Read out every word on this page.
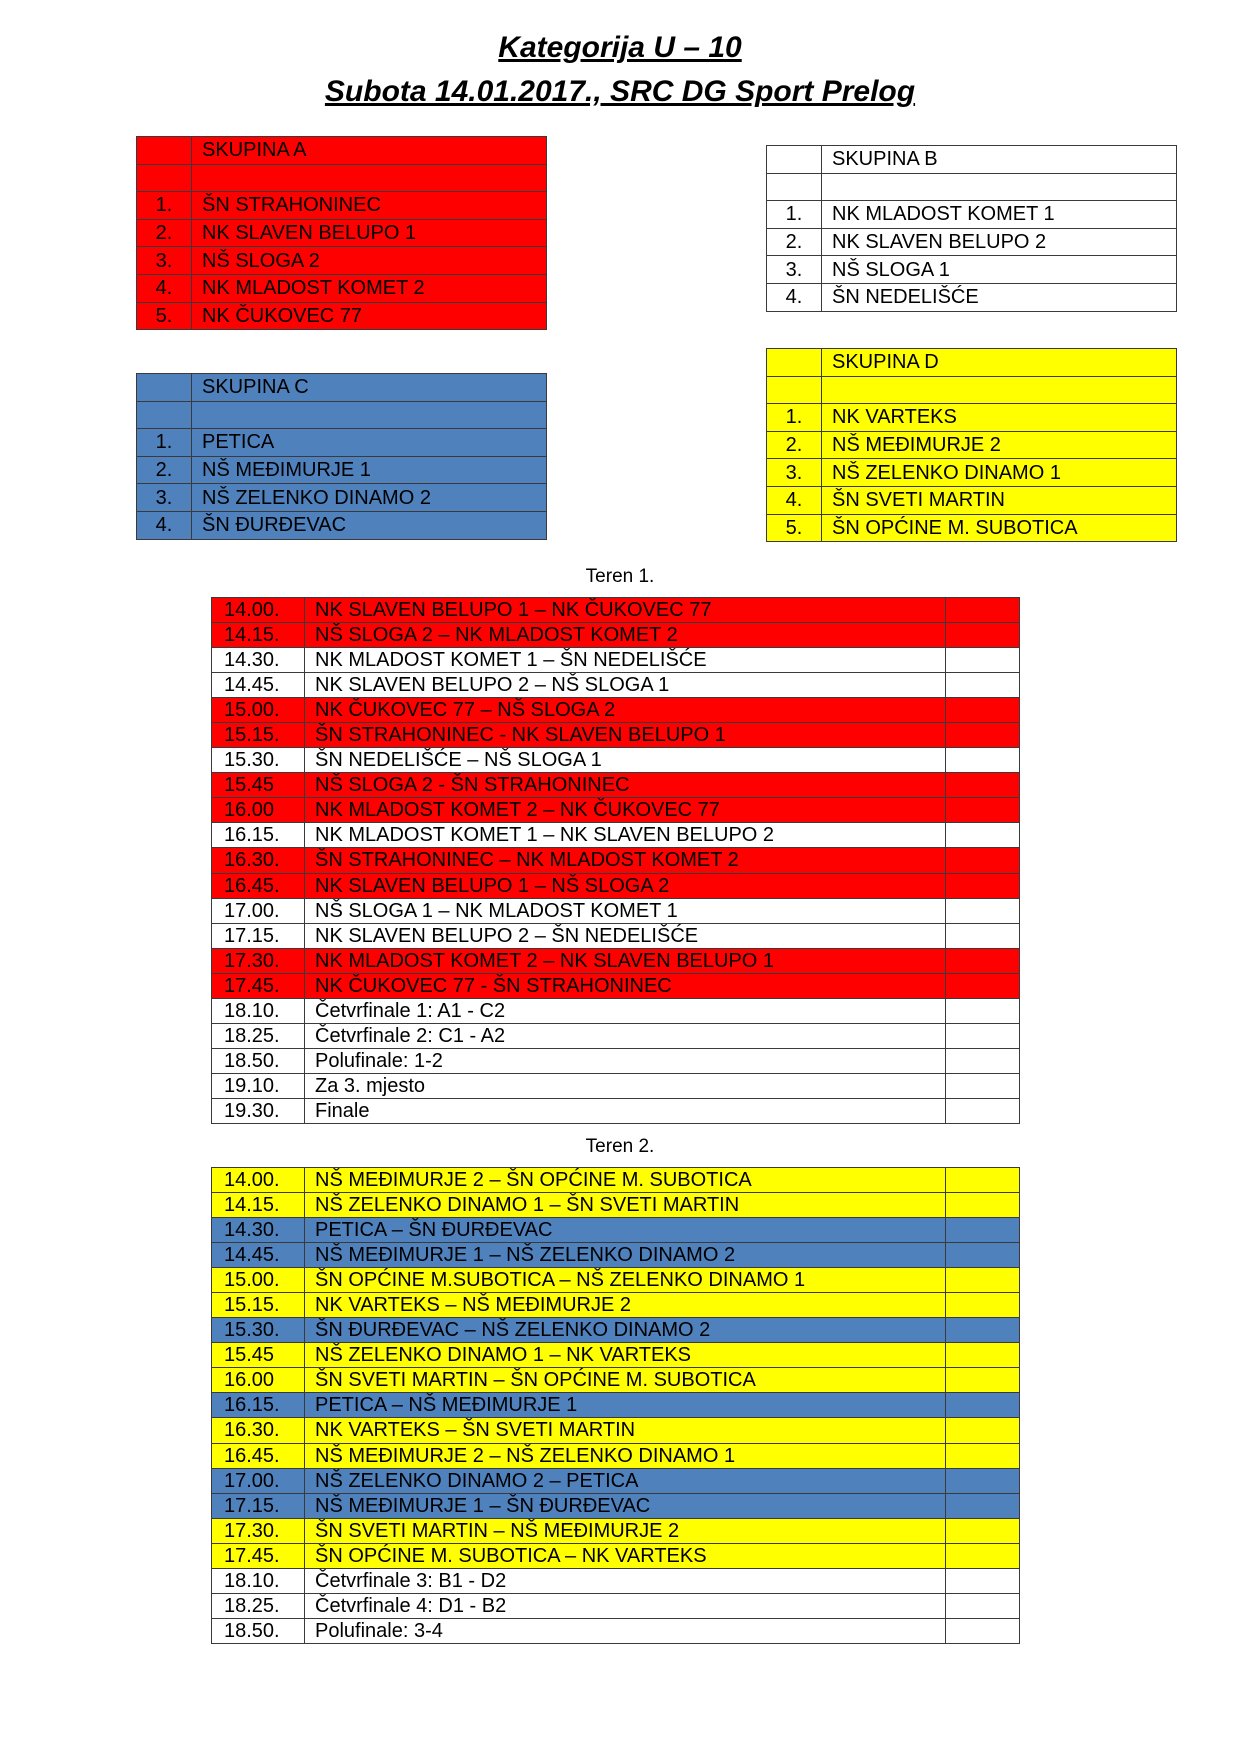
Kategorija U – 10
Subota 14.01.2017., SRC DG Sport Prelog
	SKUPINA A

1.	ŠN STRAHONINEC
2.	NK SLAVEN BELUPO 1
3.	NŠ SLOGA 2
4.	NK MLADOST KOMET 2
5.	NK ČUKOVEC 77
	SKUPINA B

1.	NK MLADOST KOMET 1
2.	NK SLAVEN BELUPO 2
3.	NŠ SLOGA 1
4.	ŠN NEDELIŠĆE
	SKUPINA C

1.	PETICA
2.	NŠ MEĐIMURJE 1
3.	NŠ ZELENKO DINAMO 2
4.	ŠN ĐURĐEVAC
	SKUPINA D

1.	NK VARTEKS
2.	NŠ MEĐIMURJE 2
3.	NŠ ZELENKO DINAMO 1
4.	ŠN SVETI MARTIN
5.	ŠN OPĆINE M. SUBOTICA
Teren 1.
14.00.	NK SLAVEN BELUPO 1 – NK ČUKOVEC 77	
14.15.	NŠ SLOGA 2 – NK MLADOST KOMET 2	
14.30.	NK MLADOST KOMET 1 – ŠN NEDELIŠĆE	
14.45.	NK SLAVEN BELUPO 2 – NŠ SLOGA 1	
15.00.	NK ČUKOVEC 77 – NŠ SLOGA 2	
15.15.	ŠN STRAHONINEC - NK SLAVEN BELUPO 1	
15.30.	ŠN NEDELIŠĆE – NŠ SLOGA 1	
15.45	NŠ SLOGA 2 - ŠN STRAHONINEC	
16.00	NK MLADOST KOMET 2 – NK ČUKOVEC 77	
16.15.	NK MLADOST KOMET 1 – NK SLAVEN BELUPO 2	
16.30.	ŠN STRAHONINEC – NK MLADOST KOMET 2	
16.45.	NK SLAVEN BELUPO 1 – NŠ SLOGA 2	
17.00.	NŠ SLOGA 1 – NK MLADOST KOMET 1	
17.15.	NK SLAVEN BELUPO 2 – ŠN NEDELIŠĆE	
17.30.	NK MLADOST KOMET 2 – NK SLAVEN BELUPO 1	
17.45.	NK ČUKOVEC 77 - ŠN STRAHONINEC	
18.10.	Četvrfinale 1: A1 - C2	
18.25.	Četvrfinale 2: C1 - A2	
18.50.	Polufinale: 1-2	
19.10.	Za 3. mjesto	
19.30.	Finale	
Teren 2.
14.00.	NŠ MEĐIMURJE 2 – ŠN OPĆINE M. SUBOTICA	
14.15.	NŠ ZELENKO DINAMO 1 – ŠN SVETI MARTIN	
14.30.	PETICA – ŠN ĐURĐEVAC	
14.45.	NŠ MEĐIMURJE 1 – NŠ ZELENKO DINAMO 2	
15.00.	ŠN OPĆINE M.SUBOTICA – NŠ ZELENKO DINAMO 1	
15.15.	NK VARTEKS – NŠ MEĐIMURJE 2	
15.30.	ŠN ĐURĐEVAC – NŠ ZELENKO DINAMO 2	
15.45	NŠ ZELENKO DINAMO 1 – NK VARTEKS	
16.00	ŠN SVETI MARTIN – ŠN OPĆINE M. SUBOTICA	
16.15.	PETICA – NŠ MEĐIMURJE 1	
16.30.	NK VARTEKS – ŠN SVETI MARTIN	
16.45.	NŠ MEĐIMURJE 2 – NŠ ZELENKO DINAMO 1	
17.00.	NŠ ZELENKO DINAMO 2 – PETICA	
17.15.	NŠ MEĐIMURJE 1 – ŠN ĐURĐEVAC	
17.30.	ŠN SVETI MARTIN – NŠ MEĐIMURJE 2	
17.45.	ŠN OPĆINE M. SUBOTICA – NK VARTEKS	
18.10.	Četvrfinale 3: B1 - D2	
18.25.	Četvrfinale 4: D1 - B2	
18.50.	Polufinale: 3-4	
